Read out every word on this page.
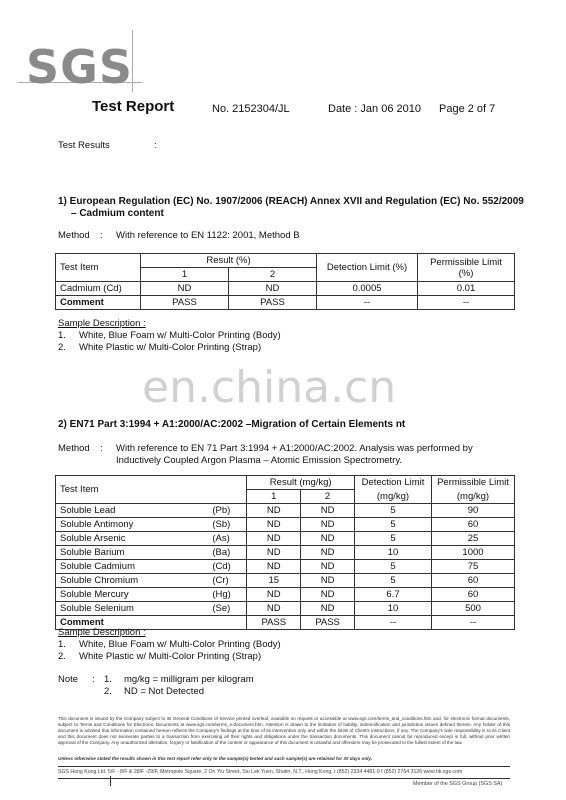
SGS
Test Report	No. 2152304/JL	Date : Jan 06 2010 Page 2 of 7
Test Results	:
1) European Regulation (EC) No. 1907/2006 (REACH) Annex XVII and Regulation (EC) No. 552/2009
– Cadmium content
Method : With reference to EN 1122: 2001, Method B
Test Item	Result (%)		Detection Limit (%)	Permissible Limit (%)
	1	2		
Cadmium (Cd)	ND	ND	0.0005	0.01
Comment	PASS	PASS	--	--
Sample Description :
1. White, Blue Foam w/ Multi-Color Printing (Body)
2. White Plastic w/ Multi-Color Printing (Strap)
en.china.cn
2) EN71 Part 3:1994 + A1:2000/AC:2002 –Migration of Certain Elements nt
Method : With reference to EN 71 Part 3:1994 + A1:2000/AC:2002. Analysis was performed by
Inductively Coupled Argon Plasma – Atomic Emission Spectrometry.
Test Item		Result (mg/kg)		Detection Limit	Permissible Limit
		1	2	(mg/kg)	(mg/kg)
Soluble Lead	(Pb)	ND	ND	5	90
Soluble Antimony	(Sb)	ND	ND	5	60
Soluble Arsenic	(As)	ND	ND	5	25
Soluble Barium	(Ba)	ND	ND	10	1000
Soluble Cadmium	(Cd)	ND	ND	5	75
Soluble Chromium	(Cr)	15	ND	5	60
Soluble Mercury	(Hg)	ND	ND	6.7	60
Soluble Selenium	(Se)	ND	ND	10	500
Comment		PASS	PASS	--	--
Sample Description :
1. White, Blue Foam w/ Multi-Color Printing (Body)
2. White Plastic w/ Multi-Color Printing (Strap)
Note : 1. mg/kg = milligram per kilogram
2. ND = Not Detected
This document is issued by the Company subject to its General Conditions of Service printed overleaf, available on request or accessible at www.sgs.com/terms_and_conditions.htm and, for electronic format documents, subject to Terms and Conditions for Electronic Documents at www.sgs.com/terms_e-document.htm. Attention is drawn to the limitation of liability, indemnification and jurisdiction issues defined therein. Any holder of this document is advised that information contained hereon reflects the Company's findings at the time of its intervention only and within the limits of Client's instructions, if any. The Company's sole responsibility is to its Client and this document does not exonerate parties to a transaction from exercising all their rights and obligations under the transaction documents. This document cannot be reproduced except in full, without prior written approval of the Company. Any unauthorized alteration, forgery or falsification of the content or appearance of this document is unlawful and offenders may be prosecuted to the fullest extent of the law.
Unless otherwise stated the results shown in this test report refer only to the sample(s) tested and such sample(s) are retained for 30 days only.
SGS Hong Kong Ltd. 5/F - 8/F & 28/F -29/F, Metropole Square, 2 On Yiu Street, Siu Lek Yuen, Shatin, N.T., Hong Kong. t (852) 2334 4481-9 f (852) 2764 3126 www.hk.sgs.com
Member of the SGS Group (SGS SA)
